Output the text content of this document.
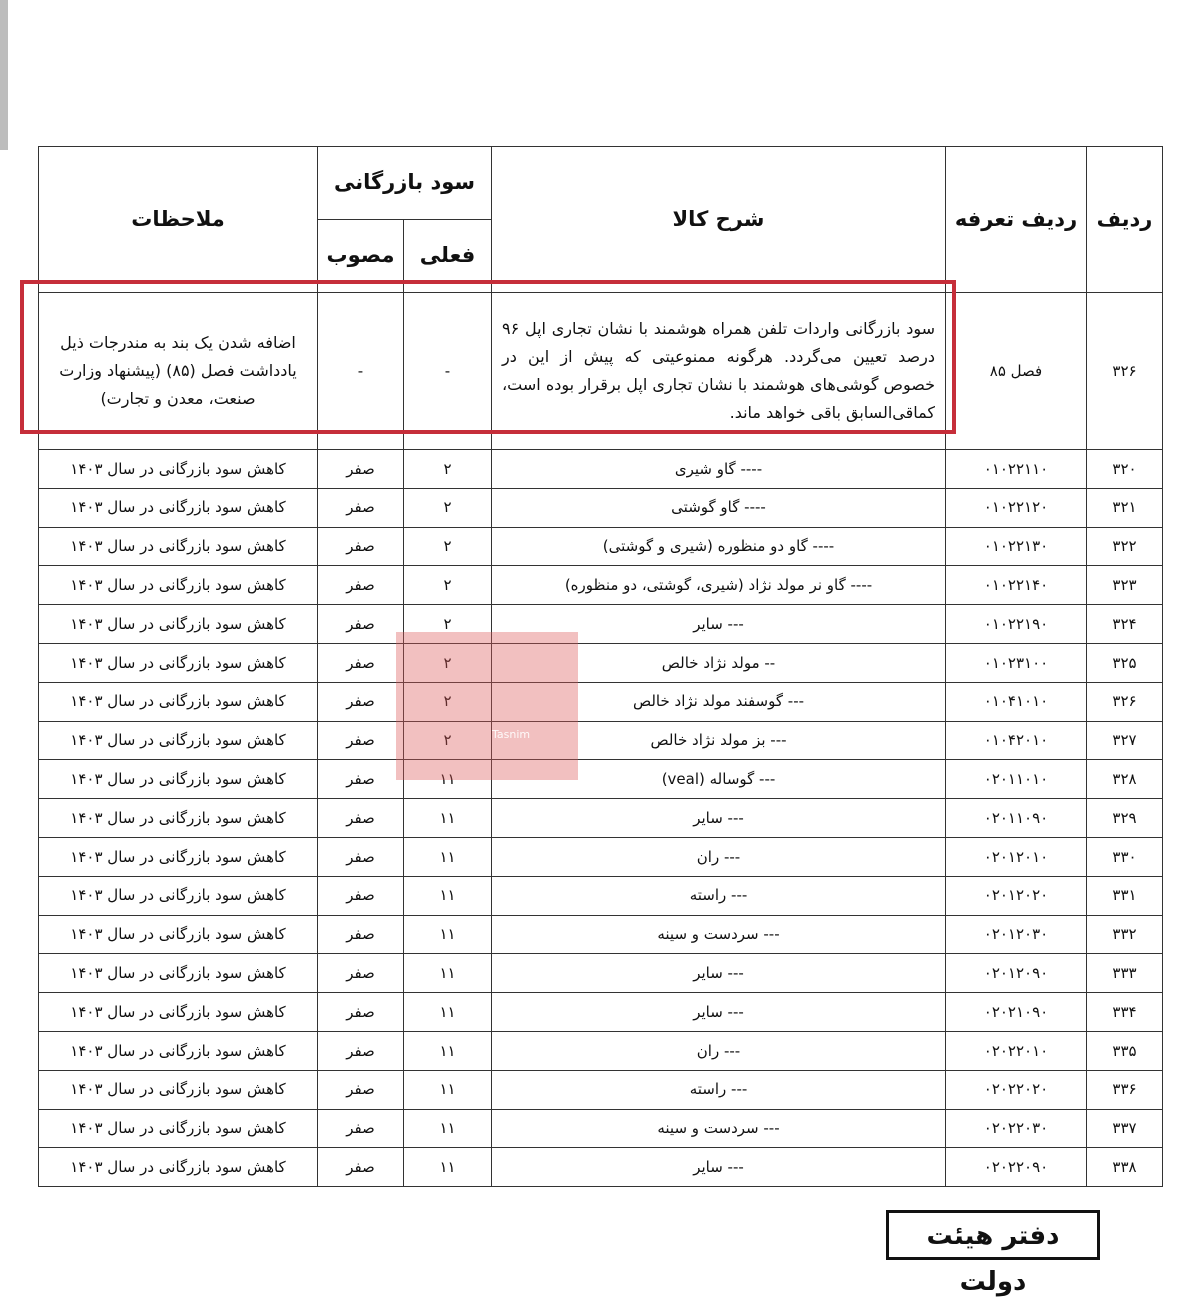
ردیف	ردیف تعرفه	شرح کالا	سود بازرگانی		ملاحظات
			فعلی	مصوب	
۳۲۶	فصل ۸۵	سود بازرگانی واردات تلفن همراه هوشمند با نشان تجاری اپل ۹۶ درصد تعیین می‌گردد. هرگونه ممنوعیتی که پیش از این در خصوص گوشی‌های هوشمند با نشان تجاری اپل برقرار بوده است، کماقی‌السابق باقی خواهد ماند.	-	-	اضافه شدن یک بند به مندرجات ذیل یادداشت فصل (۸۵) (پیشنهاد وزارت صنعت، معدن و تجارت)
۳۲۰	۰۱۰۲۲۱۱۰	---- گاو شیری	۲	صفر	کاهش سود بازرگانی در سال ۱۴۰۳
۳۲۱	۰۱۰۲۲۱۲۰	---- گاو گوشتی	۲	صفر	کاهش سود بازرگانی در سال ۱۴۰۳
۳۲۲	۰۱۰۲۲۱۳۰	---- گاو دو منظوره (شیری و گوشتی)	۲	صفر	کاهش سود بازرگانی در سال ۱۴۰۳
۳۲۳	۰۱۰۲۲۱۴۰	---- گاو نر مولد نژاد (شیری، گوشتی، دو منظوره)	۲	صفر	کاهش سود بازرگانی در سال ۱۴۰۳
۳۲۴	۰۱۰۲۲۱۹۰	--- سایر	۲	صفر	کاهش سود بازرگانی در سال ۱۴۰۳
۳۲۵	۰۱۰۲۳۱۰۰	-- مولد نژاد خالص	۲	صفر	کاهش سود بازرگانی در سال ۱۴۰۳
۳۲۶	۰۱۰۴۱۰۱۰	--- گوسفند مولد نژاد خالص	۲	صفر	کاهش سود بازرگانی در سال ۱۴۰۳
۳۲۷	۰۱۰۴۲۰۱۰	--- بز مولد نژاد خالص	۲	صفر	کاهش سود بازرگانی در سال ۱۴۰۳
۳۲۸	۰۲۰۱۱۰۱۰	--- گوساله (veal)	۱۱	صفر	کاهش سود بازرگانی در سال ۱۴۰۳
۳۲۹	۰۲۰۱۱۰۹۰	--- سایر	۱۱	صفر	کاهش سود بازرگانی در سال ۱۴۰۳
۳۳۰	۰۲۰۱۲۰۱۰	--- ران	۱۱	صفر	کاهش سود بازرگانی در سال ۱۴۰۳
۳۳۱	۰۲۰۱۲۰۲۰	--- راسته	۱۱	صفر	کاهش سود بازرگانی در سال ۱۴۰۳
۳۳۲	۰۲۰۱۲۰۳۰	--- سردست و سینه	۱۱	صفر	کاهش سود بازرگانی در سال ۱۴۰۳
۳۳۳	۰۲۰۱۲۰۹۰	--- سایر	۱۱	صفر	کاهش سود بازرگانی در سال ۱۴۰۳
۳۳۴	۰۲۰۲۱۰۹۰	--- سایر	۱۱	صفر	کاهش سود بازرگانی در سال ۱۴۰۳
۳۳۵	۰۲۰۲۲۰۱۰	--- ران	۱۱	صفر	کاهش سود بازرگانی در سال ۱۴۰۳
۳۳۶	۰۲۰۲۲۰۲۰	--- راسته	۱۱	صفر	کاهش سود بازرگانی در سال ۱۴۰۳
۳۳۷	۰۲۰۲۲۰۳۰	--- سردست و سینه	۱۱	صفر	کاهش سود بازرگانی در سال ۱۴۰۳
۳۳۸	۰۲۰۲۲۰۹۰	--- سایر	۱۱	صفر	کاهش سود بازرگانی در سال ۱۴۰۳
Tasnim
دفتر هیئت دولت
